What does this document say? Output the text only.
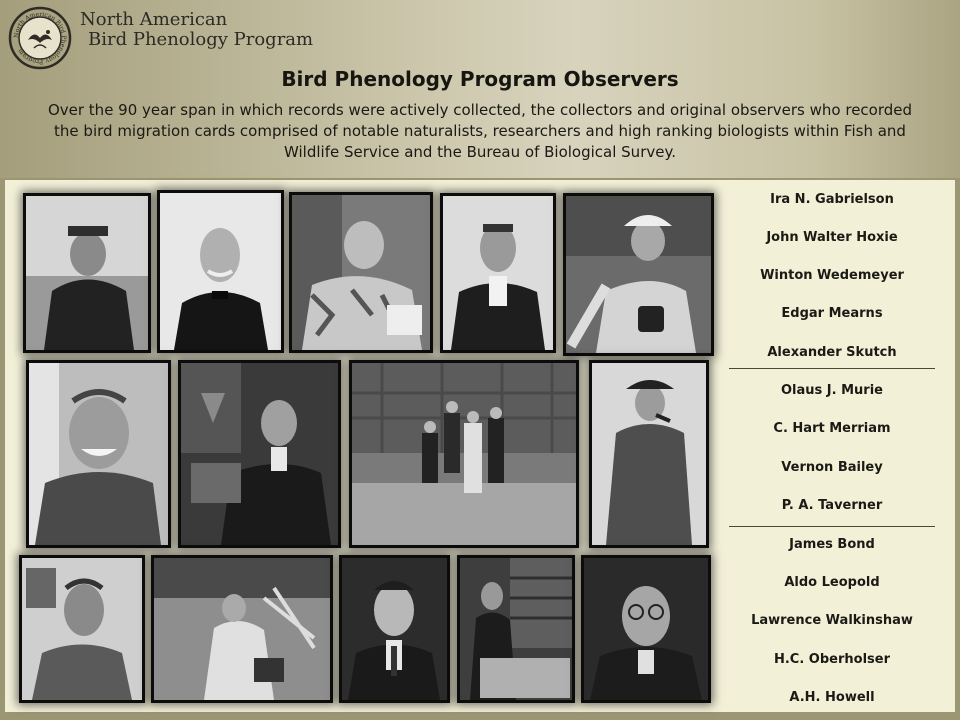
North American Bird Phenology Program
North American
Bird Phenology Program
Bird Phenology Program Observers
Over the 90 year span in which records were actively collected, the collectors and original observers who recorded the bird migration cards comprised of notable naturalists, researchers and high ranking biologists within Fish and Wildlife Service and the Bureau of Biological Survey.
Ira N. Gabrielson
John Walter Hoxie
Winton Wedemeyer
Edgar Mearns
Alexander Skutch
Olaus J. Murie
C. Hart Merriam
Vernon Bailey
P. A. Taverner
James Bond
Aldo Leopold
Lawrence Walkinshaw
H.C. Oberholser
A.H. Howell
